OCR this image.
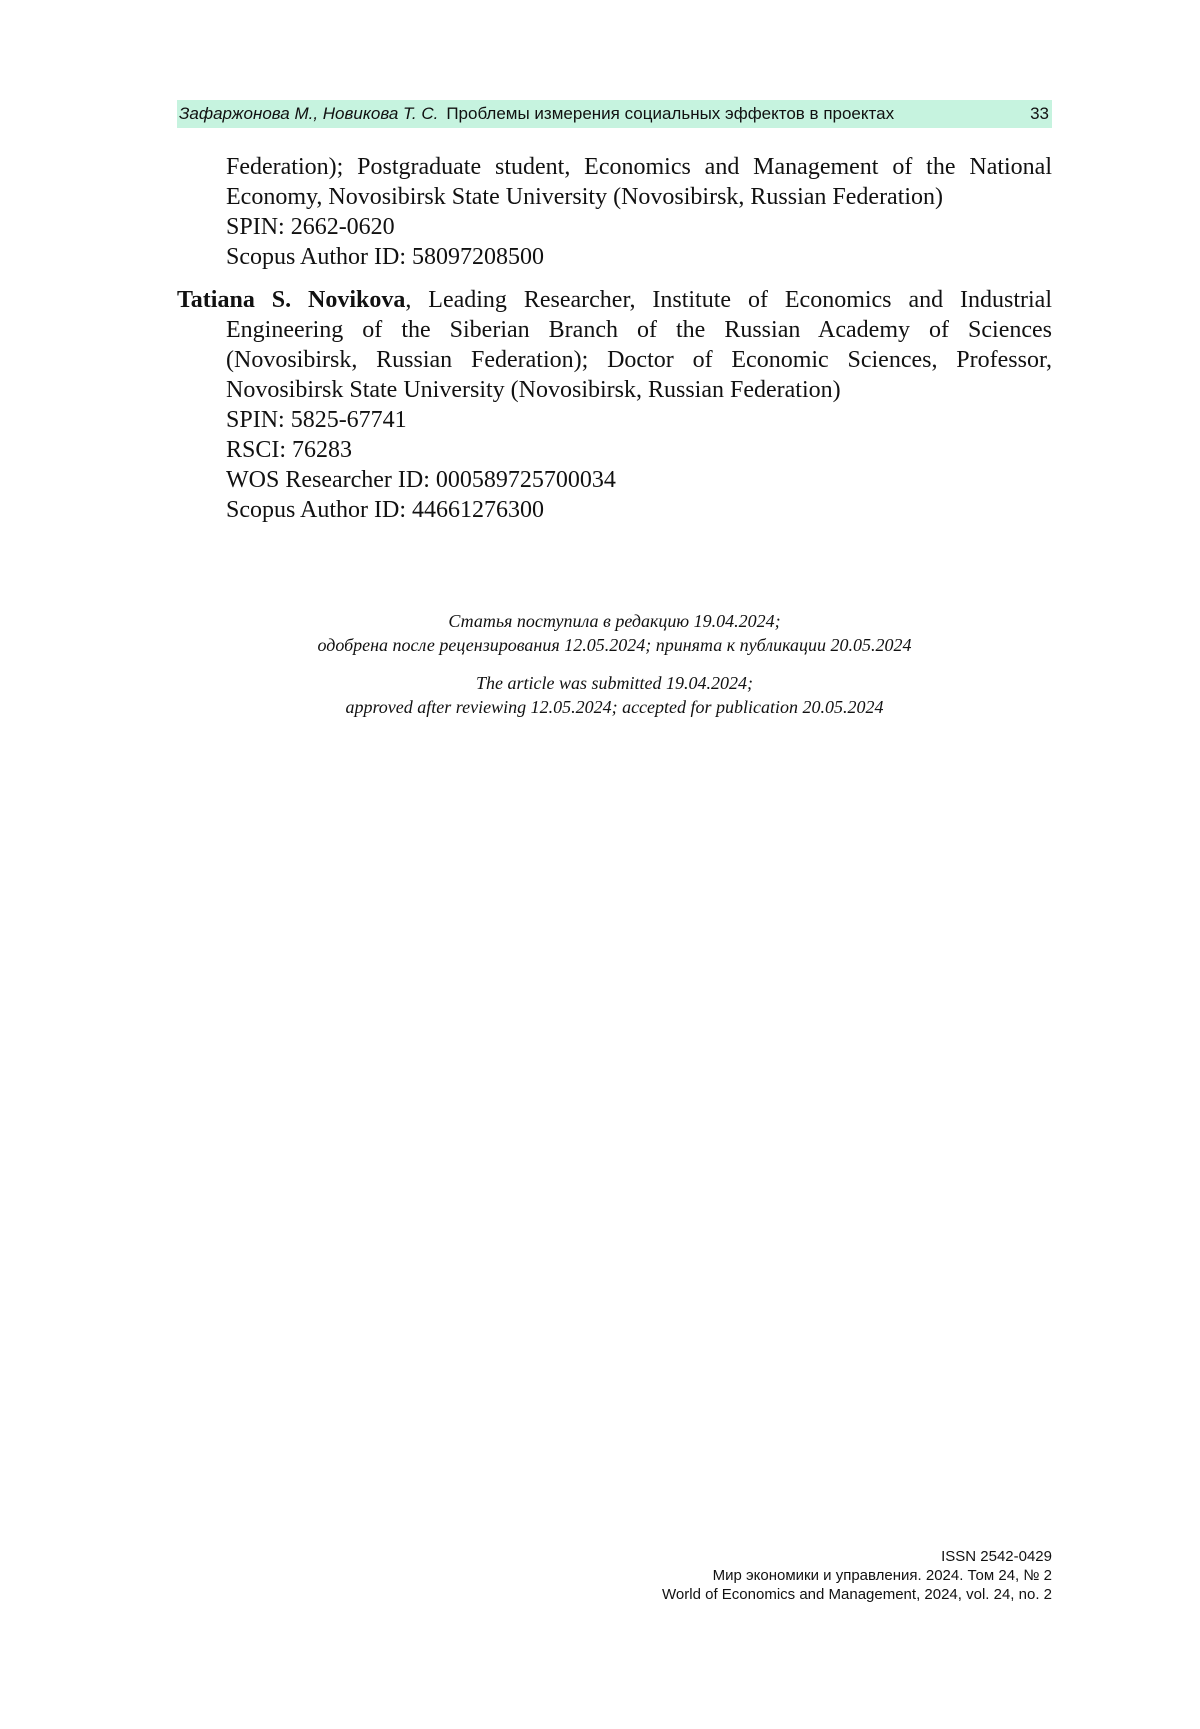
Зафаржонова М., Новикова Т. С. Проблемы измерения социальных эффектов в проектах	33
Federation); Postgraduate student, Economics and Management of the National
Economy, Novosibirsk State University (Novosibirsk, Russian Federation)
SPIN: 2662-0620
Scopus Author ID: 58097208500
Tatiana S. Novikova, Leading Researcher, Institute of Economics and Industrial
Engineering of the Siberian Branch of the Russian Academy of Sciences
(Novosibirsk, Russian Federation); Doctor of Economic Sciences, Professor,
Novosibirsk State University (Novosibirsk, Russian Federation)
SPIN: 5825-67741
RSCI: 76283
WOS Researcher ID: 000589725700034
Scopus Author ID: 44661276300
Статья поступила в редакцию 19.04.2024;
одобрена после рецензирования 12.05.2024; принята к публикации 20.05.2024
The article was submitted 19.04.2024;
approved after reviewing 12.05.2024; accepted for publication 20.05.2024
ISSN 2542-0429
Мир экономики и управления. 2024. Том 24, № 2
World of Economics and Management, 2024, vol. 24, no. 2
